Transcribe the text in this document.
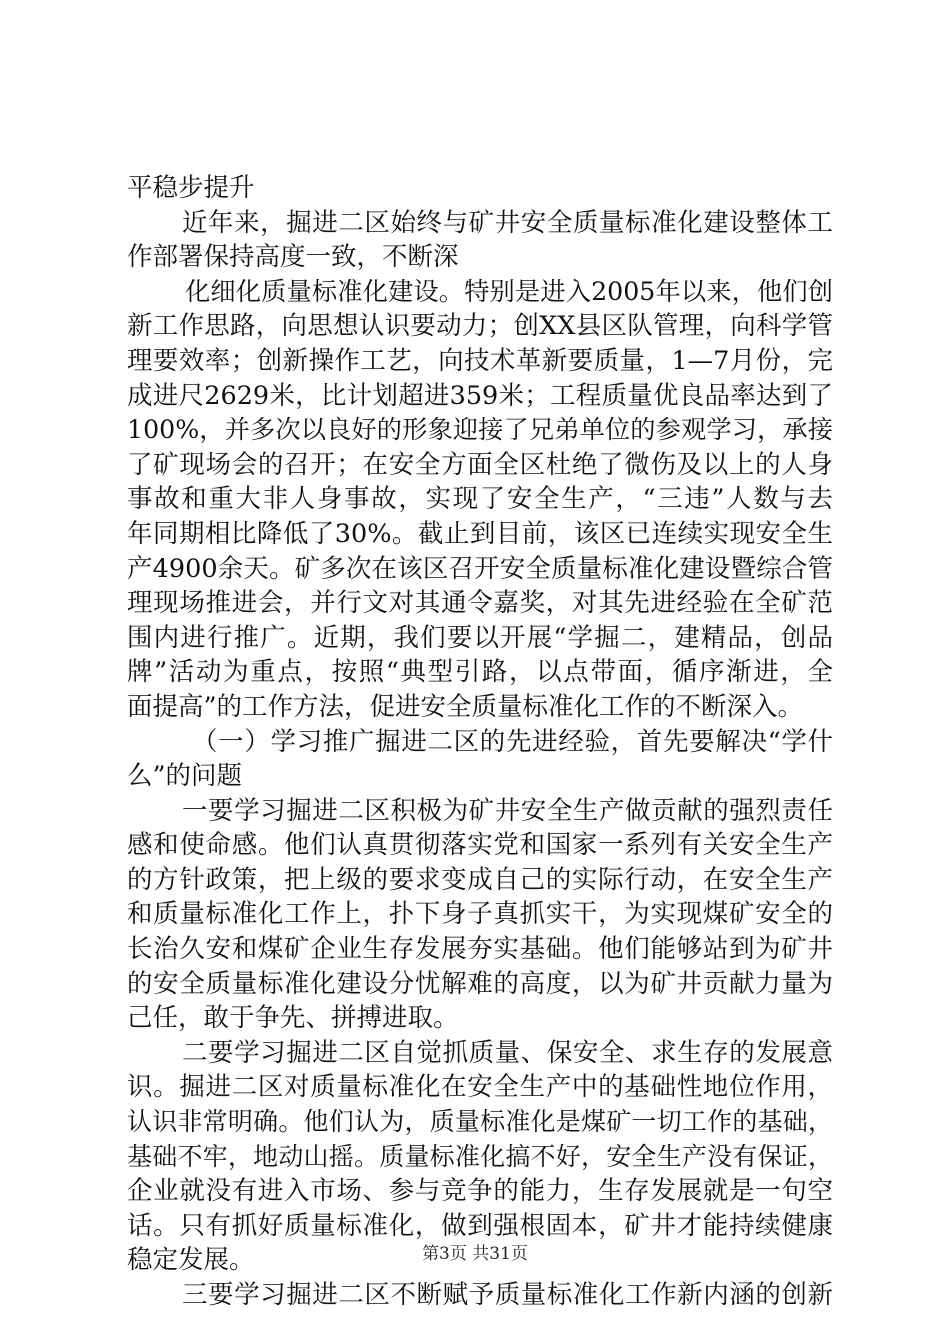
平稳步提升
近年来，掘进二区始终与矿井安全质量标准化建设整体工
作部署保持高度一致，不断深
化细化质量标准化建设。特别是进入2005年以来，他们创
新工作思路，向思想认识要动力；创XX县区队管理，向科学管
理要效率；创新操作工艺，向技术革新要质量，1—7月份，完
成进尺2629米，比计划超进359米；工程质量优良品率达到了
100%，并多次以良好的形象迎接了兄弟单位的参观学习，承接
了矿现场会的召开；在安全方面全区杜绝了微伤及以上的人身
事故和重大非人身事故，实现了安全生产，“三违”人数与去
年同期相比降低了30%。截止到目前，该区已连续实现安全生
产4900余天。矿多次在该区召开安全质量标准化建设暨综合管
理现场推进会，并行文对其通令嘉奖，对其先进经验在全矿范
围内进行推广。近期，我们要以开展“学掘二，建精品，创品
牌”活动为重点，按照“典型引路，以点带面，循序渐进，全
面提高”的工作方法，促进安全质量标准化工作的不断深入。
（一）学习推广掘进二区的先进经验，首先要解决“学什
么”的问题
一要学习掘进二区积极为矿井安全生产做贡献的强烈责任
感和使命感。他们认真贯彻落实党和国家一系列有关安全生产
的方针政策，把上级的要求变成自己的实际行动，在安全生产
和质量标准化工作上，扑下身子真抓实干，为实现煤矿安全的
长治久安和煤矿企业生存发展夯实基础。他们能够站到为矿井
的安全质量标准化建设分忧解难的高度，以为矿井贡献力量为
己任，敢于争先、拼搏进取。
二要学习掘进二区自觉抓质量、保安全、求生存的发展意
识。掘进二区对质量标准化在安全生产中的基础性地位作用，
认识非常明确。他们认为，质量标准化是煤矿一切工作的基础，
基础不牢，地动山摇。质量标准化搞不好，安全生产没有保证，
企业就没有进入市场、参与竞争的能力，生存发展就是一句空
话。只有抓好质量标准化，做到强根固本，矿井才能持续健康
稳定发展。
三要学习掘进二区不断赋予质量标准化工作新内涵的创新
第3页 共31页
